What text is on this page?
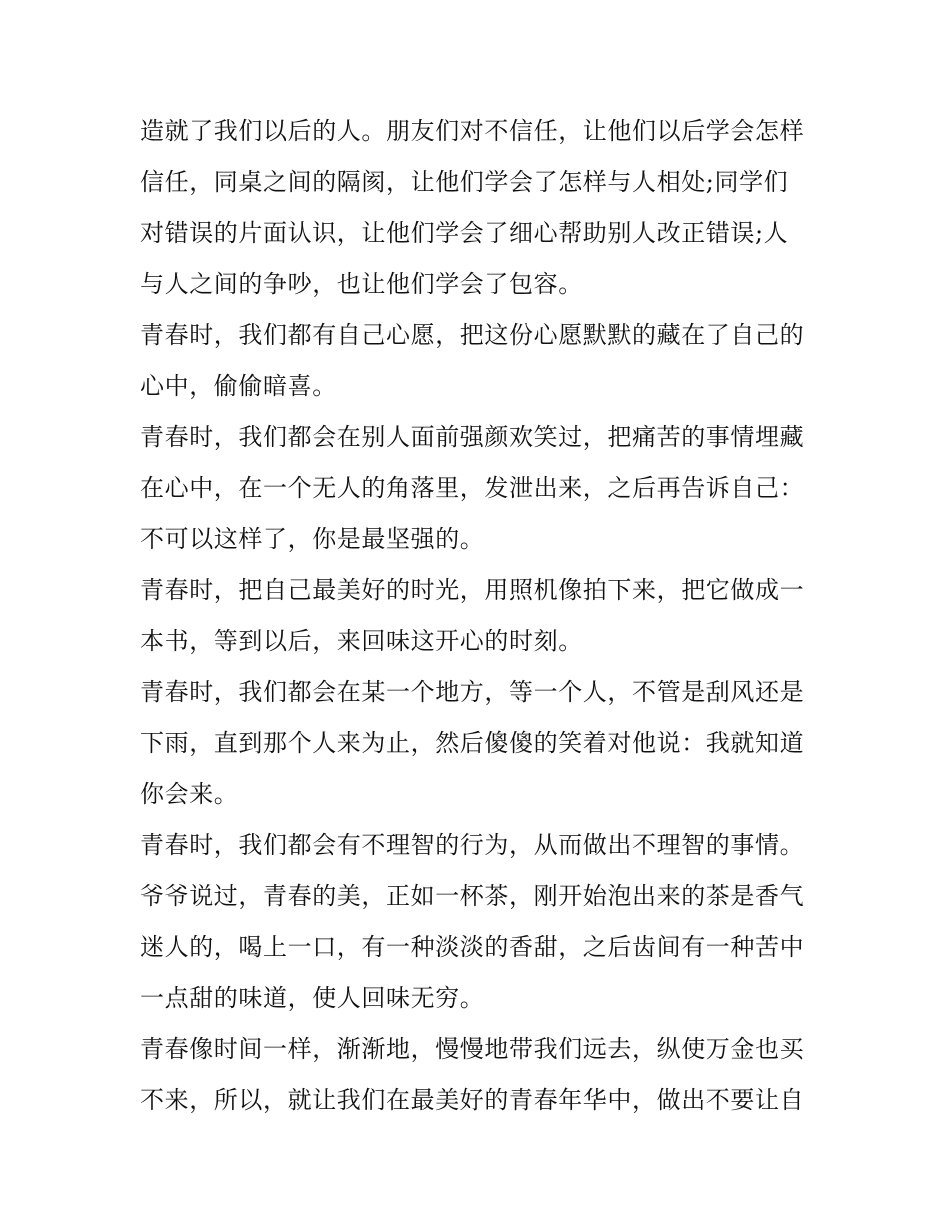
造就了我们以后的人。朋友们对不信任，让他们以后学会怎样
信任，同桌之间的隔阂，让他们学会了怎样与人相处;同学们
对错误的片面认识，让他们学会了细心帮助别人改正错误;人
与人之间的争吵，也让他们学会了包容。
青春时，我们都有自己心愿，把这份心愿默默的藏在了自己的
心中，偷偷暗喜。
青春时，我们都会在别人面前强颜欢笑过，把痛苦的事情埋藏
在心中，在一个无人的角落里，发泄出来，之后再告诉自己：
不可以这样了，你是最坚强的。
青春时，把自己最美好的时光，用照机像拍下来，把它做成一
本书，等到以后，来回味这开心的时刻。
青春时，我们都会在某一个地方，等一个人，不管是刮风还是
下雨，直到那个人来为止，然后傻傻的笑着对他说：我就知道
你会来。
青春时，我们都会有不理智的行为，从而做出不理智的事情。
爷爷说过，青春的美，正如一杯茶，刚开始泡出来的茶是香气
迷人的，喝上一口，有一种淡淡的香甜，之后齿间有一种苦中
一点甜的味道，使人回味无穷。
青春像时间一样，渐渐地，慢慢地带我们远去，纵使万金也买
不来，所以，就让我们在最美好的青春年华中，做出不要让自
